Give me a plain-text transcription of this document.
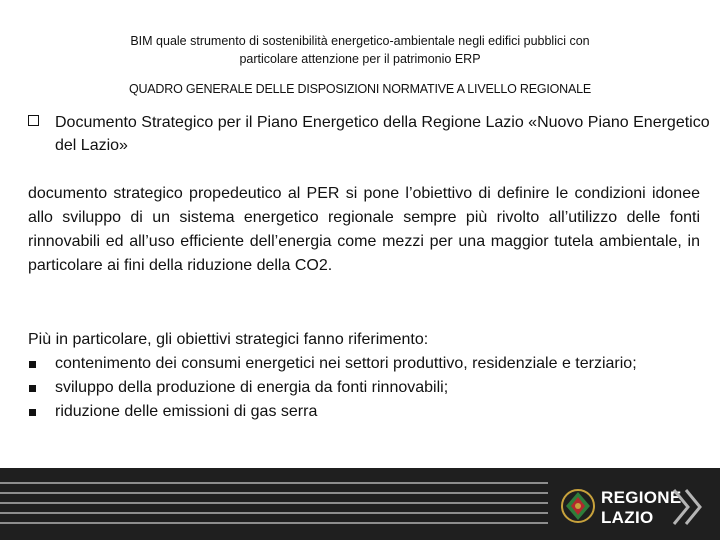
BIM quale strumento di sostenibilità energetico-ambientale negli edifici pubblici con
particolare attenzione per il patrimonio ERP
QUADRO GENERALE DELLE DISPOSIZIONI NORMATIVE A LIVELLO REGIONALE
Documento Strategico per il Piano Energetico della Regione Lazio «Nuovo Piano Energetico del Lazio»
documento strategico propedeutico al PER si pone l’obiettivo di definire le condizioni idonee allo sviluppo di un sistema energetico regionale sempre più rivolto all’utilizzo delle fonti rinnovabili ed all’uso efficiente dell’energia come mezzi per una maggior tutela ambientale, in particolare ai fini della riduzione della CO2.
Più in particolare, gli obiettivi strategici fanno riferimento:
contenimento dei consumi energetici nei settori produttivo, residenziale e terziario;
sviluppo della produzione di energia da fonti rinnovabili;
riduzione delle emissioni di gas serra
REGIONE
LAZIO
